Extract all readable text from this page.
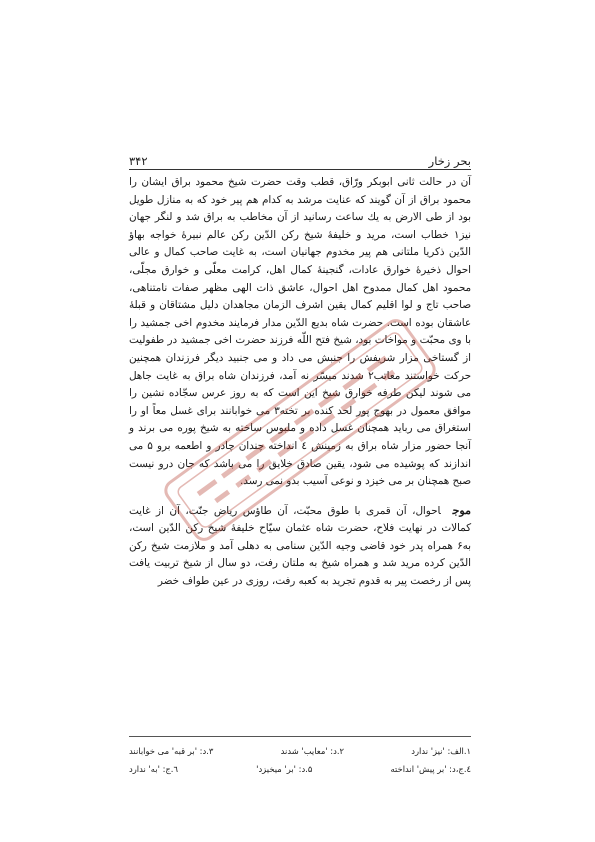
۳۴۲	بحر زخار

آن در حالت ثانی ابوبکر ورّاق، قطب وقت حضرت شیخ محمود براق ایشان را محمود براق از آن گویند که عنایت مرشد به کدام هم پیر خود که به منازل طویل بود از طی الارض به یك ساعت رسانید از آن مخاطب به براق شد و لنگر جهان نیز۱ خطاب است، مرید و خلیفهٔ شیخ رکن الدّین رکن عالم نبیرهٔ خواجه بهاؤ الدّین ذکریا ملتانی هم پیر مخدوم جهانیان است، به غایت صاحب کمال و عالی احوال ذخیرهٔ خوارق عادات، گنجینهٔ کمال اهل، کرامت معلّی و خوارق مجلّی، محمود اهل کمال ممدوح اهل احوال، عاشق ذات الهی مظهر صفات نامتناهی، صاحب تاج و لوا اقلیم کمال یقین اشرف الزمان مجاهدان دلیل مشتاقان و قبلهٔ عاشقان بوده است. حضرت شاه بدیع الدّین مدار فرمایند مخدوم اخی جمشید را با وی محبّت و مواخات بود، شیخ فتح اللّه فرزند حضرت اخی جمشید در طفولیت از گستاخی مزار شریفش را جنبش می داد و می جنبید دیگر فرزندان همچنین حرکت خواستند معاتب۲ شدند میسّر نه آمد، فرزندان شاه براق به غایت جاهل می شوند لیکن طرفه خوارق شیخ این است که به روز عرس سجّاده نشین را موافق معمول در بهوج پور لحد کنده بر تخته۳ می خوابانند برای غسل معاً او را استغراق می رباید همچنان غسل داده و ملبوس ساخته به شیخ پوره می برند و آنجا حضور مزار شاه براق به زمینش ٤ انداخته چندان چادر و اطعمه برو ۵ می اندازند که پوشیده می شود، یقین صادق خلایق را می باشد که جان درو نیست صبح همچنان بر می خیزد و نوعی آسیب بدو نمی رسد.

موجاحوال، آن قمری با طوق محبّت، آن طاؤس ریاض جنّت، آن از غایت کمالات در نهایت فلاح، حضرت شاه عثمان سیّاح خلیفهٔ شیخ رکن الدّین است، به۶ همراه پدر خود قاضی وجیه الدّین سنامی به دهلی آمد و ملازمت شیخ رکن الدّین کرده مرید شد و همراه شیخ به ملتان رفت، دو سال از شیخ تربیت یافت پس از رخصت پیر به قدوم تجرید به کعبه رفت، روزی در عین طواف خضر

۱.الف: 'نیز' ندارد
۲.د: 'معایب' شدند
۳.د: 'بر قبه' می خوابانند
٤.ج،د: 'بر پیش' انداخته
۵.د: 'بر' میخیزد'
٦.ج: 'به' ندارد
